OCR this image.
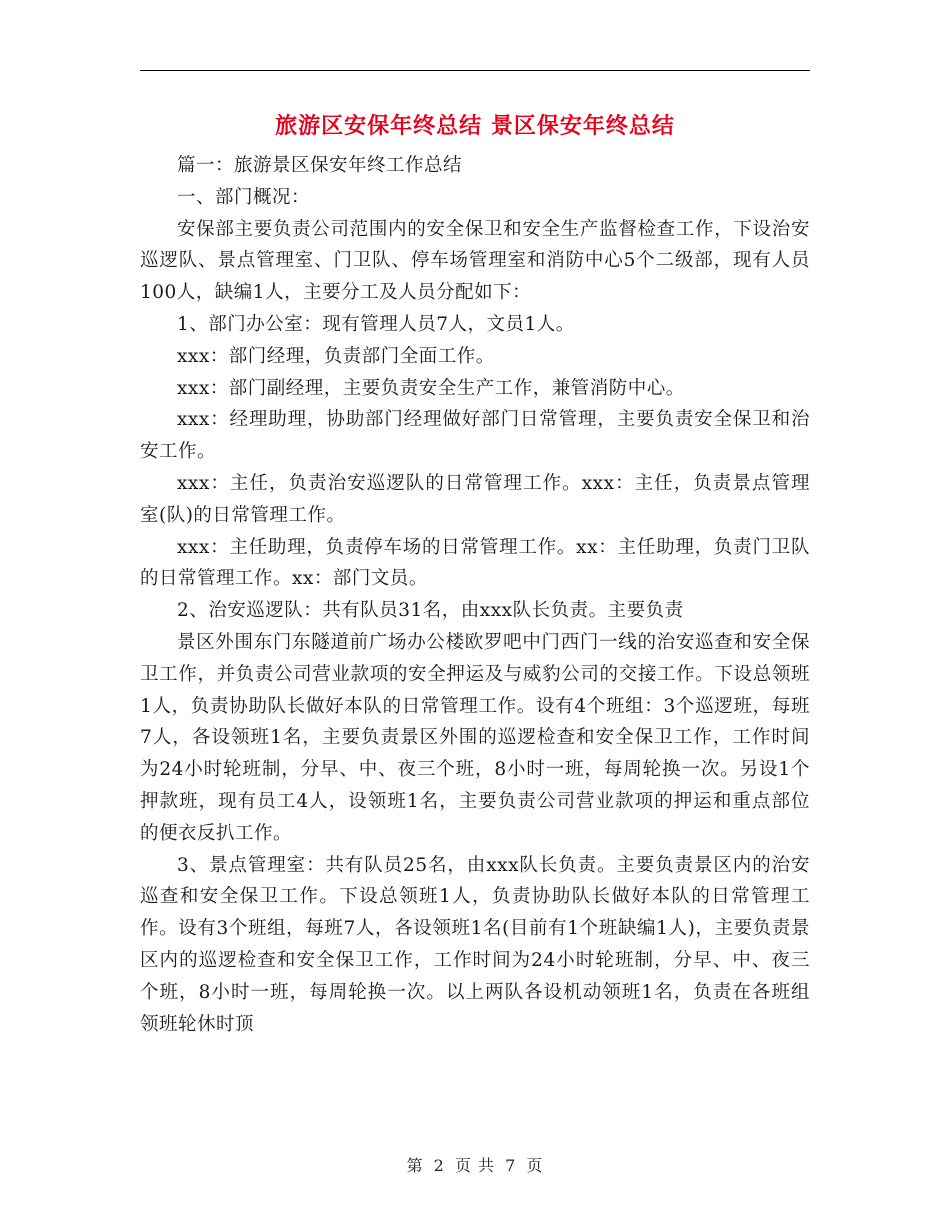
旅游区安保年终总结 景区保安年终总结

篇一：旅游景区保安年终工作总结

一、部门概况：

安保部主要负责公司范围内的安全保卫和安全生产监督检查工作，下设治安巡逻队、景点管理室、门卫队、停车场管理室和消防中心5个二级部，现有人员100人，缺编1人，主要分工及人员分配如下：

1、部门办公室：现有管理人员7人，文员1人。

xxx：部门经理，负责部门全面工作。

xxx：部门副经理，主要负责安全生产工作，兼管消防中心。

xxx：经理助理，协助部门经理做好部门日常管理，主要负责安全保卫和治安工作。

xxx：主任，负责治安巡逻队的日常管理工作。xxx：主任，负责景点管理室(队)的日常管理工作。

xxx：主任助理，负责停车场的日常管理工作。xx：主任助理，负责门卫队的日常管理工作。xx：部门文员。

2、治安巡逻队：共有队员31名，由xxx队长负责。主要负责

景区外围东门东隧道前广场办公楼欧罗吧中门西门一线的治安巡查和安全保卫工作，并负责公司营业款项的安全押运及与威豹公司的交接工作。下设总领班1人，负责协助队长做好本队的日常管理工作。设有4个班组：3个巡逻班，每班7人，各设领班1名，主要负责景区外围的巡逻检查和安全保卫工作，工作时间为24小时轮班制，分早、中、夜三个班，8小时一班，每周轮换一次。另设1个押款班，现有员工4人，设领班1名，主要负责公司营业款项的押运和重点部位的便衣反扒工作。

3、景点管理室：共有队员25名，由xxx队长负责。主要负责景区内的治安巡查和安全保卫工作。下设总领班1人，负责协助队长做好本队的日常管理工作。设有3个班组，每班7人，各设领班1名(目前有1个班缺编1人)，主要负责景区内的巡逻检查和安全保卫工作，工作时间为24小时轮班制，分早、中、夜三个班，8小时一班，每周轮换一次。以上两队各设机动领班1名，负责在各班组领班轮休时顶

第 2 页 共 7 页
